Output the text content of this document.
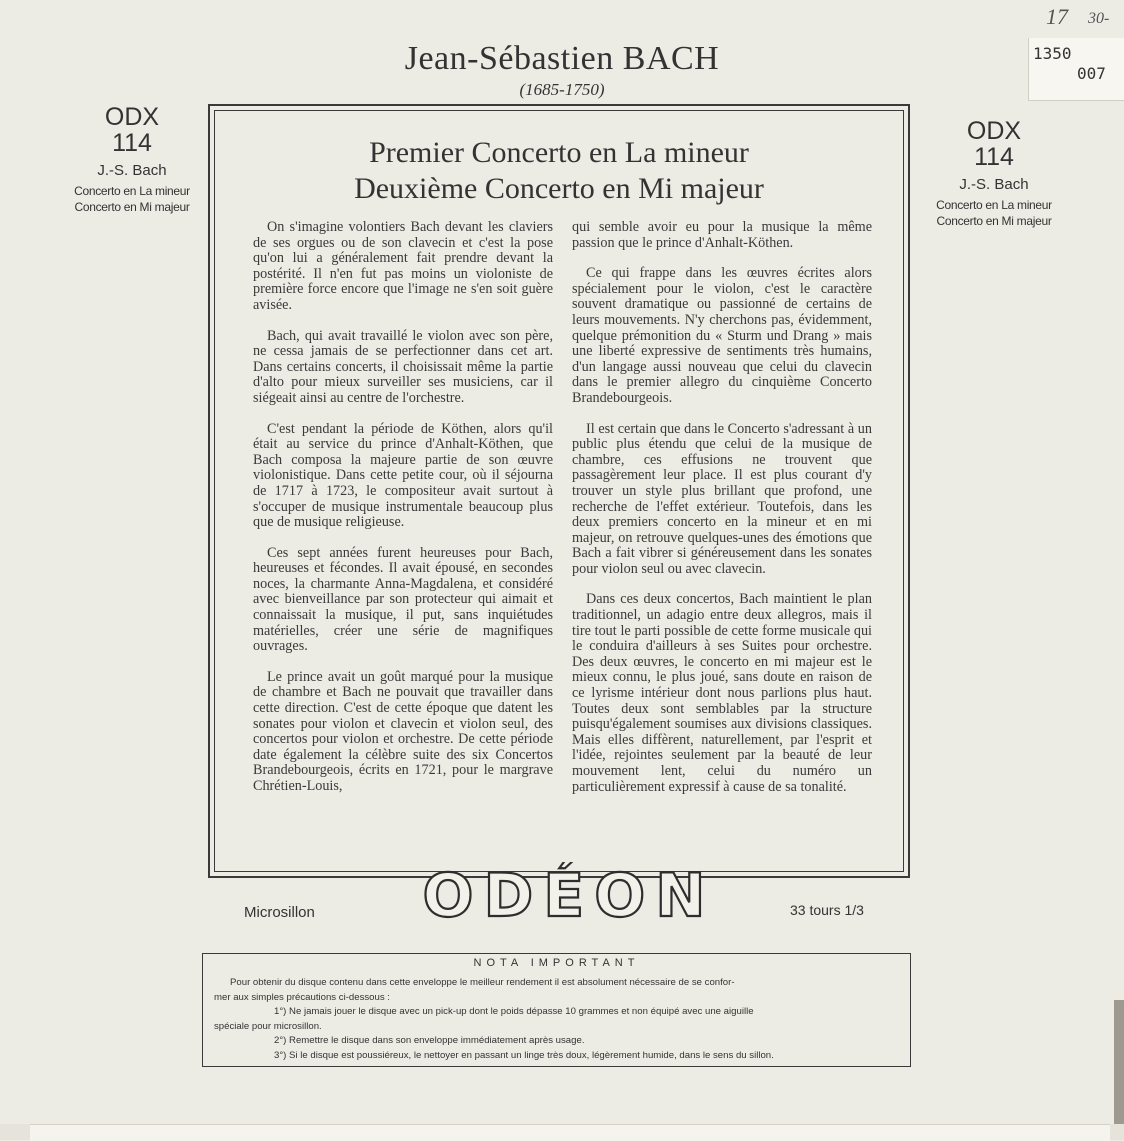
17 30-
1350
007
Jean-Sébastien BACH
(1685-1750)
ODX
114
J.-S. Bach
Concerto en La mineur
Concerto en Mi majeur
ODX
114
J.-S. Bach
Concerto en La mineur
Concerto en Mi majeur
Premier Concerto en La mineur
Deuxième Concerto en Mi majeur

On s'imagine volontiers Bach devant les claviers de ses orgues ou de son clavecin et c'est la pose qu'on lui a généralement fait prendre devant la postérité. Il n'en fut pas moins un violoniste de première force encore que l'image ne s'en soit guère avisée.

Bach, qui avait travaillé le violon avec son père, ne cessa jamais de se perfectionner dans cet art. Dans certains concerts, il choisissait même la partie d'alto pour mieux surveiller ses musiciens, car il siégeait ainsi au centre de l'orchestre.

C'est pendant la période de Köthen, alors qu'il était au service du prince d'Anhalt-Köthen, que Bach composa la majeure partie de son œuvre violonistique. Dans cette petite cour, où il séjourna de 1717 à 1723, le compositeur avait surtout à s'occuper de musique instrumentale beaucoup plus que de musique religieuse.

Ces sept années furent heureuses pour Bach, heureuses et fécondes. Il avait épousé, en secondes noces, la charmante Anna-Magdalena, et considéré avec bienveillance par son protecteur qui aimait et connaissait la musique, il put, sans inquiétudes matérielles, créer une série de magnifiques ouvrages.

Le prince avait un goût marqué pour la musique de chambre et Bach ne pouvait que travailler dans cette direction. C'est de cette époque que datent les sonates pour violon et clavecin et violon seul, des concertos pour violon et orchestre. De cette période date également la célèbre suite des six Concertos Brandebourgeois, écrits en 1721, pour le margrave Chrétien-Louis,

qui semble avoir eu pour la musique la même passion que le prince d'Anhalt-Köthen.

Ce qui frappe dans les œuvres écrites alors spécialement pour le violon, c'est le caractère souvent dramatique ou passionné de certains de leurs mouvements. N'y cherchons pas, évidemment, quelque prémonition du « Sturm und Drang » mais une liberté expressive de sentiments très humains, d'un langage aussi nouveau que celui du clavecin dans le premier allegro du cinquième Concerto Brandebourgeois.

Il est certain que dans le Concerto s'adressant à un public plus étendu que celui de la musique de chambre, ces effusions ne trouvent que passagèrement leur place. Il est plus courant d'y trouver un style plus brillant que profond, une recherche de l'effet extérieur. Toutefois, dans les deux premiers concerto en la mineur et en mi majeur, on retrouve quelques-unes des émotions que Bach a fait vibrer si généreusement dans les sonates pour violon seul ou avec clavecin.

Dans ces deux concertos, Bach maintient le plan traditionnel, un adagio entre deux allegros, mais il tire tout le parti possible de cette forme musicale qui le conduira d'ailleurs à ses Suites pour orchestre. Des deux œuvres, le concerto en mi majeur est le mieux connu, le plus joué, sans doute en raison de ce lyrisme intérieur dont nous parlions plus haut. Toutes deux sont semblables par la structure puisqu'également soumises aux divisions classiques. Mais elles diffèrent, naturellement, par l'esprit et l'idée, rejointes seulement par la beauté de leur mouvement lent, celui du numéro un particulièrement expressif à cause de sa tonalité.

Microsillon ODÉON	33 tours 1/3
NOTA IMPORTANT
Pour obtenir du disque contenu dans cette enveloppe le meilleur rendement il est absolument nécessaire de se confor-
mer aux simples précautions ci-dessous :
1°) Ne jamais jouer le disque avec un pick-up dont le poids dépasse 10 grammes et non équipé avec une aiguille
spéciale pour microsillon.
2°) Remettre le disque dans son enveloppe immédiatement après usage.
3°) Si le disque est poussiéreux, le nettoyer en passant un linge très doux, légèrement humide, dans le sens du sillon.
